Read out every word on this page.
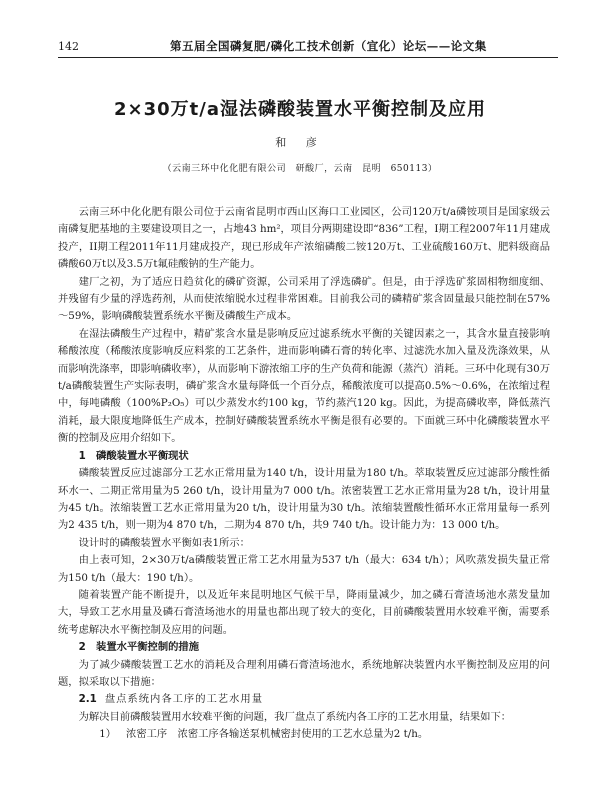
142	第五届全国磷复肥/磷化工技术创新（宜化）论坛——论文集
2×30万t/a湿法磷酸装置水平衡控制及应用
和 彦
（云南三环中化化肥有限公司　研酸厂，云南　昆明　650113）

云南三环中化化肥有限公司位于云南省昆明市西山区海口工业园区，公司120万t/a磷铵项目是国家级云南磷复肥基地的主要建设项目之一，占地43 hm²，项目分两期建设即“836”工程，I期工程2007年11月建成投产，II期工程2011年11月建成投产，现已形成年产浓缩磷酸二铵120万t、工业硫酸160万t、肥料级商品磷酸60万t以及3.5万t氟硅酸钠的生产能力。

建厂之初，为了适应日趋贫化的磷矿资源，公司采用了浮选磷矿。但是，由于浮选矿浆固相物细度细、并残留有少量的浮选药剂，从而使浓缩脱水过程非常困难。目前我公司的磷精矿浆含固量最只能控制在57%～59%，影响磷酸装置系统水平衡及磷酸生产成本。

在湿法磷酸生产过程中，精矿浆含水量是影响反应过滤系统水平衡的关键因素之一，其含水量直接影响稀酸浓度（稀酸浓度影响反应料浆的工艺条件，进而影响磷石膏的转化率、过滤洗水加入量及洗涤效果，从而影响洗涤率，即影响磷收率），从而影响下游浓缩工序的生产负荷和能源（蒸汽）消耗。三环中化现有30万t/a磷酸装置生产实际表明，磷矿浆含水量每降低一个百分点，稀酸浓度可以提高0.5%～0.6%，在浓缩过程中，每吨磷酸（100%P₂O₅）可以少蒸发水约100 kg，节约蒸汽120 kg。因此，为提高磷收率，降低蒸汽消耗，最大限度地降低生产成本，控制好磷酸装置系统水平衡是很有必要的。下面就三环中化磷酸装置水平衡的控制及应用介绍如下。

1　磷酸装置水平衡现状

磷酸装置反应过滤部分工艺水正常用量为140 t/h，设计用量为180 t/h。萃取装置反应过滤部分酸性循环水一、二期正常用量为5 260 t/h，设计用量为7 000 t/h。浓密装置工艺水正常用量为28 t/h，设计用量为45 t/h。浓缩装置工艺水正常用量为20 t/h，设计用量为30 t/h。浓缩装置酸性循环水正常用量每一系列为2 435 t/h，则一期为4 870 t/h，二期为4 870 t/h，共9 740 t/h。设计能力为：13 000 t/h。

设计时的磷酸装置水平衡如表1所示：

由上表可知，2×30万t/a磷酸装置正常工艺水用量为537 t/h（最大：634 t/h）；风吹蒸发损失量正常为150 t/h（最大：190 t/h）。

随着装置产能不断提升，以及近年来昆明地区气候干旱，降雨量减少，加之磷石膏渣场池水蒸发量加大，导致工艺水用量及磷石膏渣场池水的用量也都出现了较大的变化，目前磷酸装置用水较难平衡，需要系统考虑解决水平衡控制及应用的问题。

2　装置水平衡控制的措施

为了减少磷酸装置工艺水的消耗及合理利用磷石膏渣场池水，系统地解决装置内水平衡控制及应用的问题，拟采取以下措施：

2.1 盘点系统内各工序的工艺水用量

为解决目前磷酸装置用水较难平衡的问题，我厂盘点了系统内各工序的工艺水用量，结果如下：

1） 浓密工序　浓密工序各输送泵机械密封使用的工艺水总量为2 t/h。
